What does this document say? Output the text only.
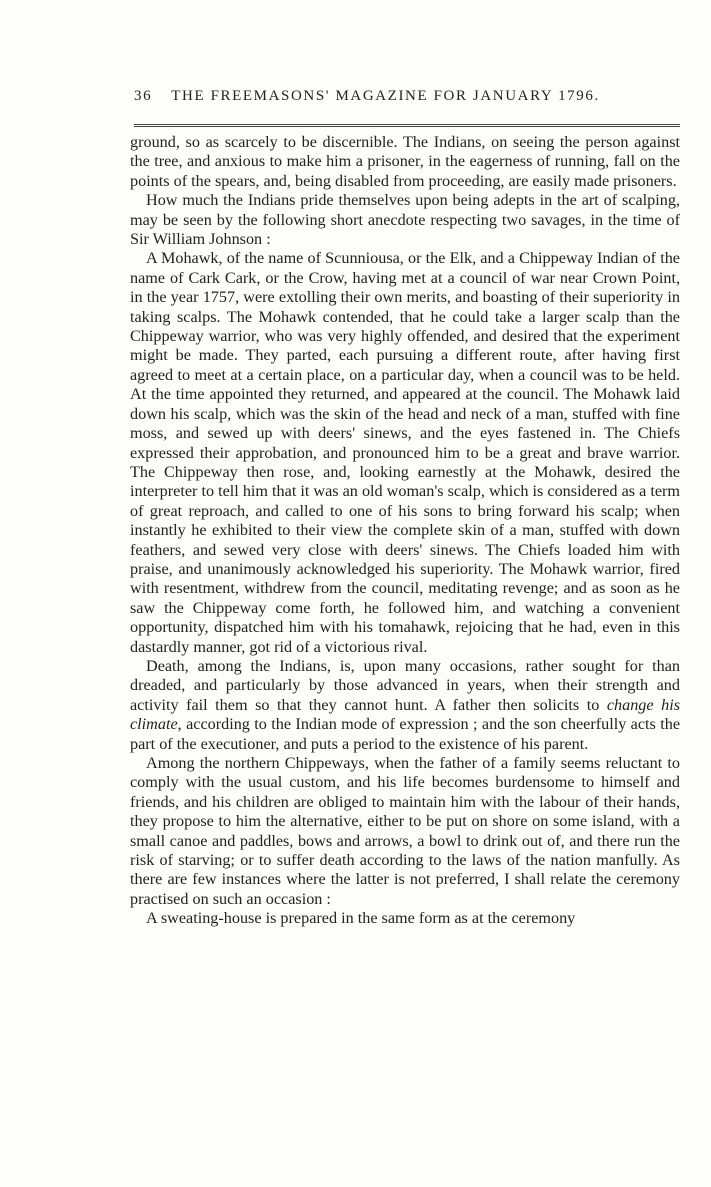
36 THE FREEMASONS' MAGAZINE FOR JANUARY 1796.

ground, so as scarcely to be discernible. The Indians, on seeing the person against the tree, and anxious to make him a prisoner, in the eagerness of running, fall on the points of the spears, and, being disabled from proceeding, are easily made prisoners.

How much the Indians pride themselves upon being adepts in the art of scalping, may be seen by the following short anecdote respecting two savages, in the time of Sir William Johnson :

A Mohawk, of the name of Scunniousa, or the Elk, and a Chippeway Indian of the name of Cark Cark, or the Crow, having met at a council of war near Crown Point, in the year 1757, were extolling their own merits, and boasting of their superiority in taking scalps. The Mohawk contended, that he could take a larger scalp than the Chippeway warrior, who was very highly offended, and desired that the experiment might be made. They parted, each pursuing a different route, after having first agreed to meet at a certain place, on a particular day, when a council was to be held. At the time appointed they returned, and appeared at the council. The Mohawk laid down his scalp, which was the skin of the head and neck of a man, stuffed with fine moss, and sewed up with deers' sinews, and the eyes fastened in. The Chiefs expressed their approbation, and pronounced him to be a great and brave warrior. The Chippeway then rose, and, looking earnestly at the Mohawk, desired the interpreter to tell him that it was an old woman's scalp, which is considered as a term of great reproach, and called to one of his sons to bring forward his scalp; when instantly he exhibited to their view the complete skin of a man, stuffed with down feathers, and sewed very close with deers' sinews. The Chiefs loaded him with praise, and unanimously acknowledged his superiority. The Mohawk warrior, fired with resentment, withdrew from the council, meditating revenge; and as soon as he saw the Chippeway come forth, he followed him, and watching a convenient opportunity, dispatched him with his tomahawk, rejoicing that he had, even in this dastardly manner, got rid of a victorious rival.

Death, among the Indians, is, upon many occasions, rather sought for than dreaded, and particularly by those advanced in years, when their strength and activity fail them so that they cannot hunt. A father then solicits to change his climate, according to the Indian mode of expression ; and the son cheerfully acts the part of the executioner, and puts a period to the existence of his parent.

Among the northern Chippeways, when the father of a family seems reluctant to comply with the usual custom, and his life becomes burdensome to himself and friends, and his children are obliged to maintain him with the labour of their hands, they propose to him the alternative, either to be put on shore on some island, with a small canoe and paddles, bows and arrows, a bowl to drink out of, and there run the risk of starving; or to suffer death according to the laws of the nation manfully. As there are few instances where the latter is not preferred, I shall relate the ceremony practised on such an occasion :

A sweating-house is prepared in the same form as at the ceremony
